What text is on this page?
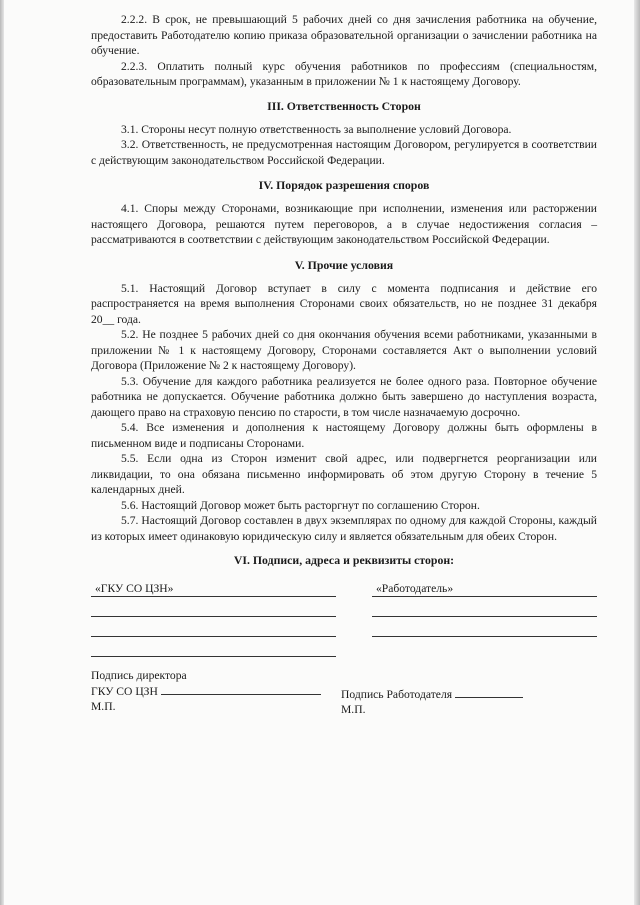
2.2.2. В срок, не превышающий 5 рабочих дней со дня зачисления работника на обучение, предоставить Работодателю копию приказа образовательной организации о зачислении работника на обучение.

2.2.3. Оплатить полный курс обучения работников по профессиям (специальностям, образовательным программам), указанным в приложении № 1 к настоящему Договору.

III. Ответственность Сторон

3.1. Стороны несут полную ответственность за выполнение условий Договора.

3.2. Ответственность, не предусмотренная настоящим Договором, регулируется в соответствии с действующим законодательством Российской Федерации.

IV. Порядок разрешения споров

4.1. Споры между Сторонами, возникающие при исполнении, изменения или расторжении настоящего Договора, решаются путем переговоров, а в случае недостижения согласия – рассматриваются в соответствии с действующим законодательством Российской Федерации.

V. Прочие условия

5.1. Настоящий Договор вступает в силу с момента подписания и действие его распространяется на время выполнения Сторонами своих обязательств, но не позднее 31 декабря 20__ года.

5.2. Не позднее 5 рабочих дней со дня окончания обучения всеми работниками, указанными в приложении № 1 к настоящему Договору, Сторонами составляется Акт о выполнении условий Договора (Приложение № 2 к настоящему Договору).

5.3. Обучение для каждого работника реализуется не более одного раза. Повторное обучение работника не допускается. Обучение работника должно быть завершено до наступления возраста, дающего право на страховую пенсию по старости, в том числе назначаемую досрочно.

5.4. Все изменения и дополнения к настоящему Договору должны быть оформлены в письменном виде и подписаны Сторонами.

5.5. Если одна из Сторон изменит свой адрес, или подвергнется реорганизации или ликвидации, то она обязана письменно информировать об этом другую Сторону в течение 5 календарных дней.

5.6. Настоящий Договор может быть расторгнут по соглашению Сторон.

5.7. Настоящий Договор составлен в двух экземплярах по одному для каждой Стороны, каждый из которых имеет одинаковую юридическую силу и является обязательным для обеих Сторон.

VI. Подписи, адреса и реквизиты сторон:
«ГКУ СО ЦЗН»	«Работодатель»
Подпись директора
ГКУ СО ЦЗН
М.П.
Подпись Работодателя
М.П.
